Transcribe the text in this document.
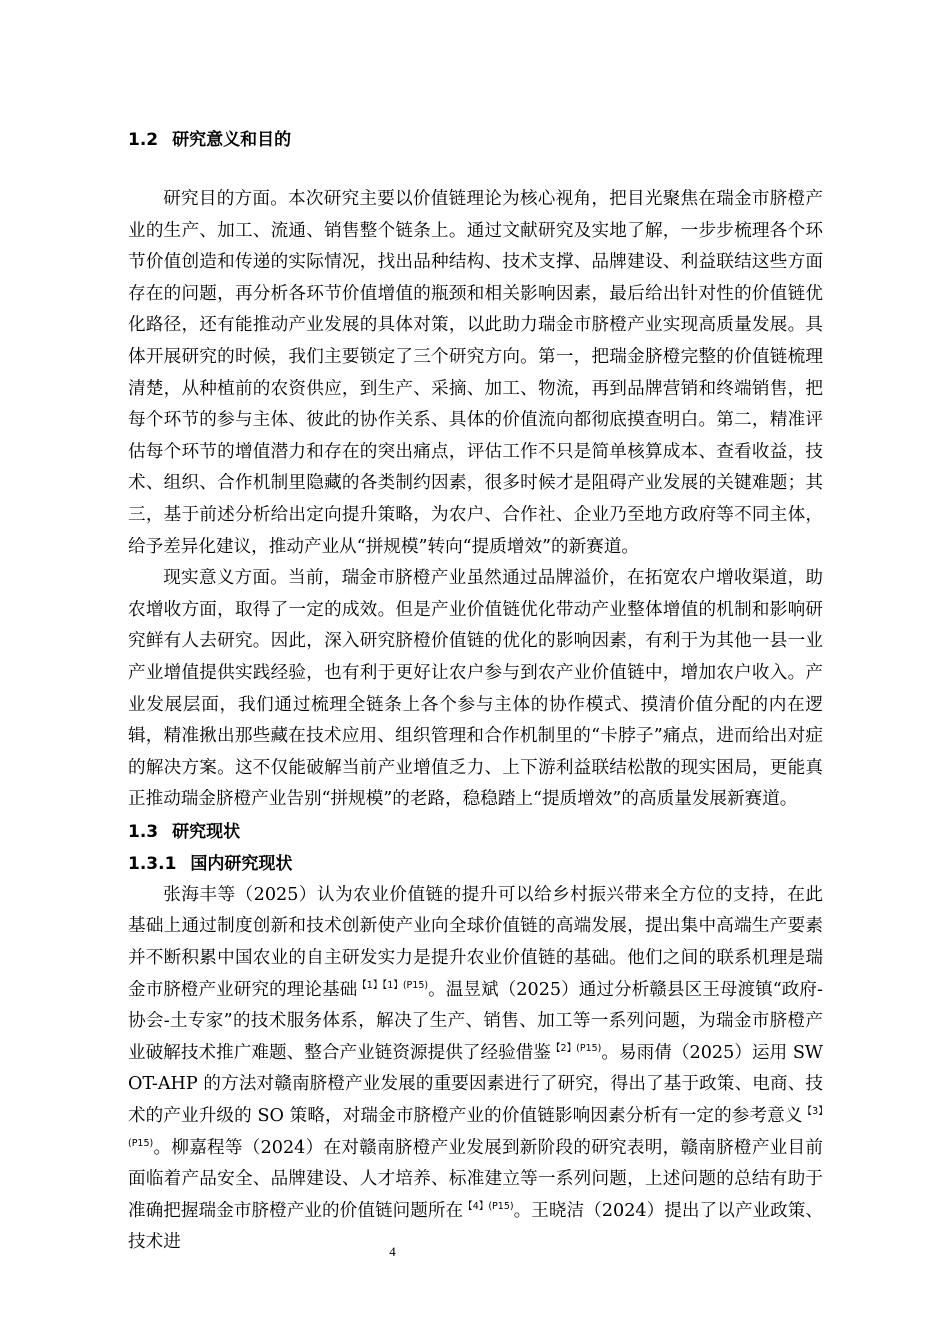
1.2 研究意义和目的

研究目的方面。本次研究主要以价值链理论为核心视角，把目光聚焦在瑞金市脐橙产业的生产、加工、流通、销售整个链条上。通过文献研究及实地了解，一步步梳理各个环节价值创造和传递的实际情况，找出品种结构、技术支撑、品牌建设、利益联结这些方面存在的问题，再分析各环节价值增值的瓶颈和相关影响因素，最后给出针对性的价值链优化路径，还有能推动产业发展的具体对策，以此助力瑞金市脐橙产业实现高质量发展。具体开展研究的时候，我们主要锁定了三个研究方向。第一，把瑞金脐橙完整的价值链梳理清楚，从种植前的农资供应，到生产、采摘、加工、物流，再到品牌营销和终端销售，把每个环节的参与主体、彼此的协作关系、具体的价值流向都彻底摸查明白。第二，精准评估每个环节的增值潜力和存在的突出痛点，评估工作不只是简单核算成本、查看收益，技术、组织、合作机制里隐藏的各类制约因素，很多时候才是阻碍产业发展的关键难题；其三，基于前述分析给出定向提升策略，为农户、合作社、企业乃至地方政府等不同主体，给予差异化建议，推动产业从“拼规模”转向“提质增效”的新赛道。

现实意义方面。当前，瑞金市脐橙产业虽然通过品牌溢价，在拓宽农户增收渠道，助农增收方面，取得了一定的成效。但是产业价值链优化带动产业整体增值的机制和影响研究鲜有人去研究。因此，深入研究脐橙价值链的优化的影响因素，有利于为其他一县一业产业增值提供实践经验，也有利于更好让农户参与到农产业价值链中，增加农户收入。产业发展层面，我们通过梳理全链条上各个参与主体的协作模式、摸清价值分配的内在逻辑，精准揪出那些藏在技术应用、组织管理和合作机制里的“卡脖子”痛点，进而给出对症的解决方案。这不仅能破解当前产业增值乏力、上下游利益联结松散的现实困局，更能真正推动瑞金脐橙产业告别“拼规模”的老路，稳稳踏上“提质增效”的高质量发展新赛道。

1.3 研究现状
1.3.1 国内研究现状

张海丰等（2025）认为农业价值链的提升可以给乡村振兴带来全方位的支持，在此基础上通过制度创新和技术创新使产业向全球价值链的高端发展，提出集中高端生产要素并不断积累中国农业的自主研发实力是提升农业价值链的基础。他们之间的联系机理是瑞金市脐橙产业研究的理论基础$^{【1】【1】(P15)}$。温昱斌（2025）通过分析赣县区王母渡镇“政府-协会-土专家”的技术服务体系，解决了生产、销售、加工等一系列问题，为瑞金市脐橙产业破解技术推广难题、整合产业链资源提供了经验借鉴$^{【2】(P15)}$。易雨倩（2025）运用 SWOT-AHP 的方法对赣南脐橙产业发展的重要因素进行了研究，得出了基于政策、电商、技术的产业升级的 SO 策略，对瑞金市脐橙产业的价值链影响因素分析有一定的参考意义$^{【3】(P15)}$。柳嘉程等（2024）在对赣南脐橙产业发展到新阶段的研究表明，赣南脐橙产业目前面临着产品安全、品牌建设、人才培养、标准建立等一系列问题，上述问题的总结有助于准确把握瑞金市脐橙产业的价值链问题所在$^{【4】(P15)}$。王晓洁（2024）提出了以产业政策、技术进	4
